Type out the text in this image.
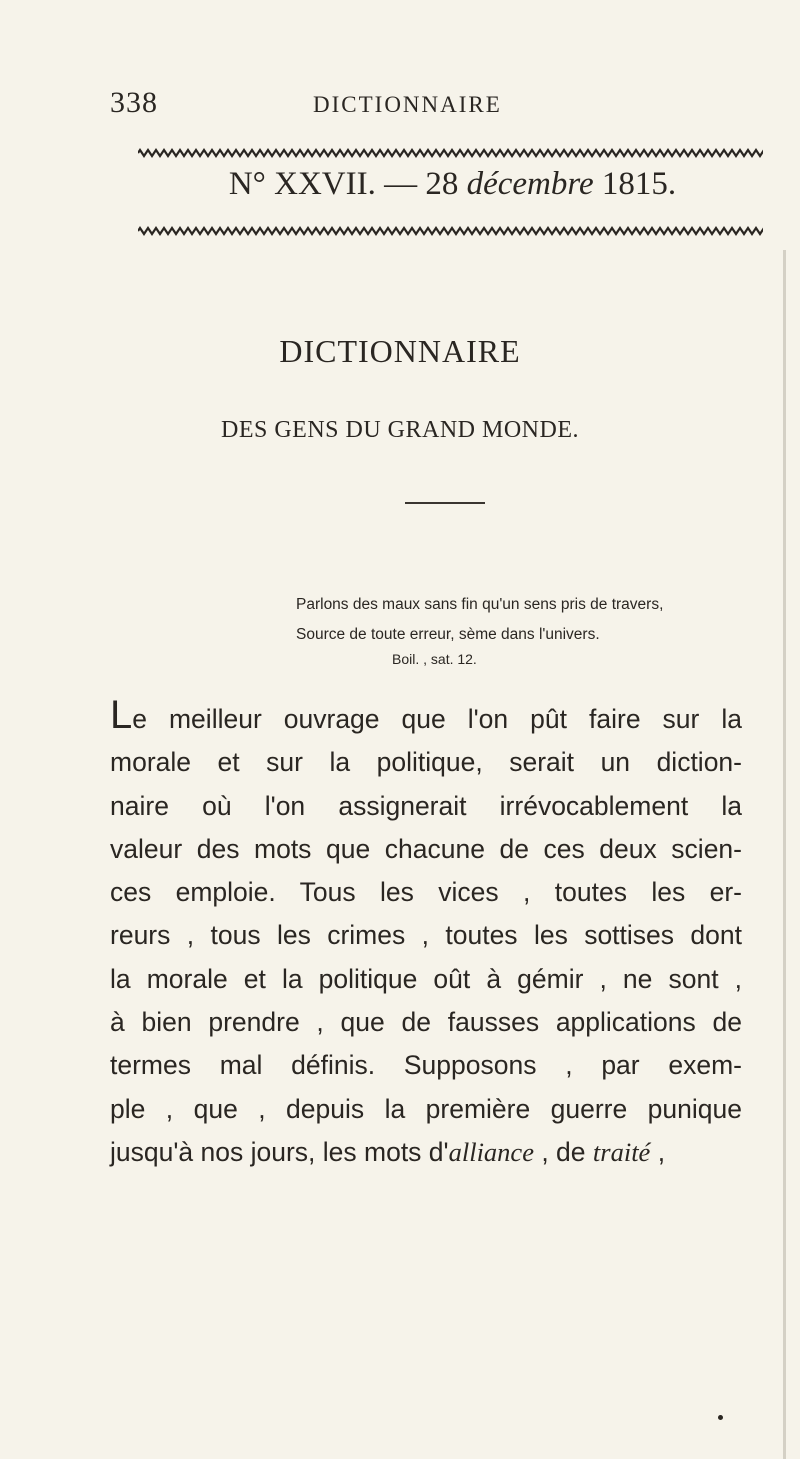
338	DICTIONNAIRE
N° XXVII. — 28 décembre 1815.
DICTIONNAIRE
DES GENS DU GRAND MONDE.
Parlons des maux sans fin qu'un sens pris de travers,
Source de toute erreur, sème dans l'univers.
Boil. , sat. 12.
Le meilleur ouvrage que l'on pût faire sur la
morale et sur la politique, serait un diction-
naire où l'on assignerait irrévocablement la
valeur des mots que chacune de ces deux scien-
ces emploie. Tous les vices , toutes les er-
reurs , tous les crimes , toutes les sottises dont
la morale et la politique oût à gémir , ne sont ,
à bien prendre , que de fausses applications de
termes mal définis. Supposons , par exem-
ple , que , depuis la première guerre punique
jusqu'à nos jours, les mots d'alliance , de traité ,
